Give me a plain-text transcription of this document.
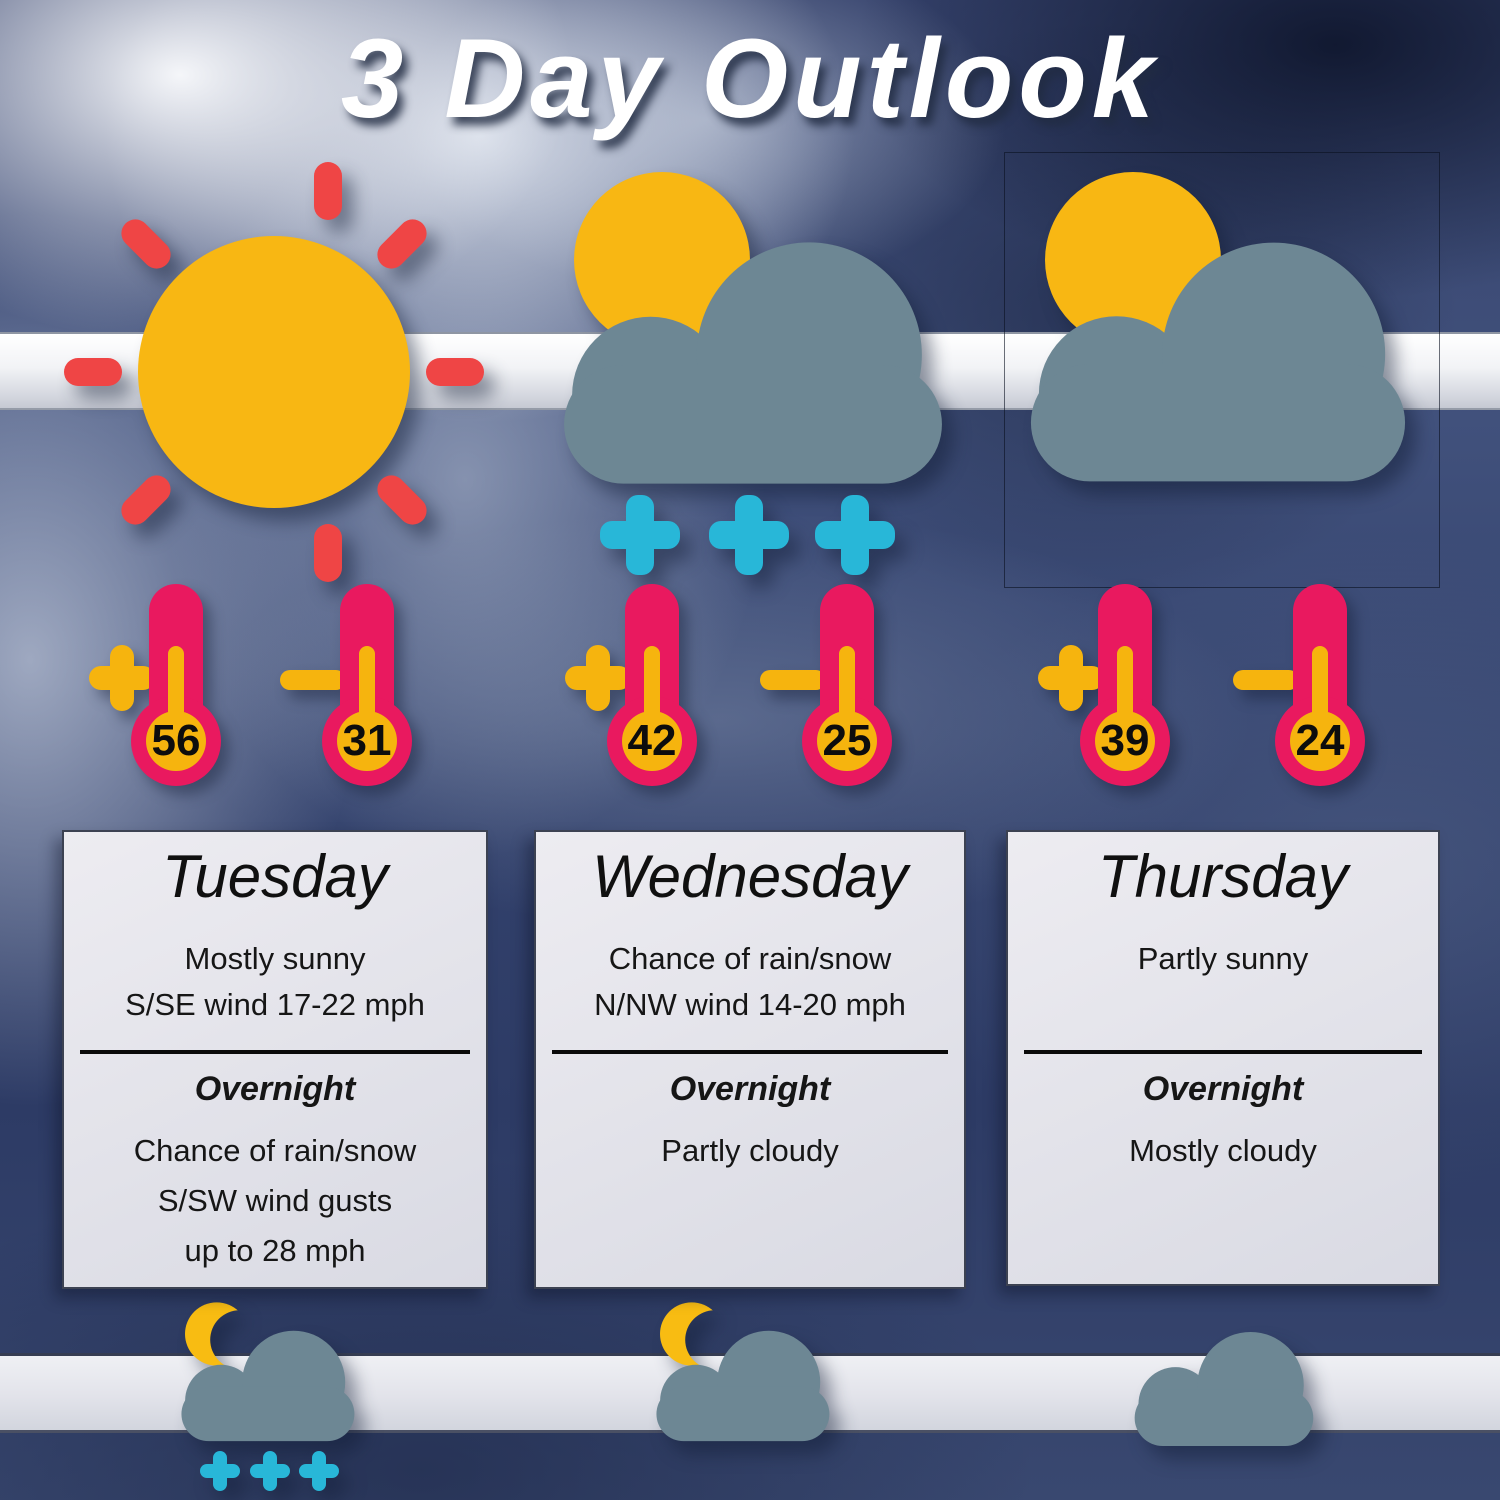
3 Day Outlook
56	31	42	25	39	24
Tuesday
Mostly sunny
S/SE wind 17-22 mph
Overnight
Chance of rain/snow
S/SW wind gusts
up to 28 mph
Wednesday
Chance of rain/snow
N/NW wind 14-20 mph
Overnight
Partly cloudy
Thursday
Partly sunny
Overnight
Mostly cloudy
